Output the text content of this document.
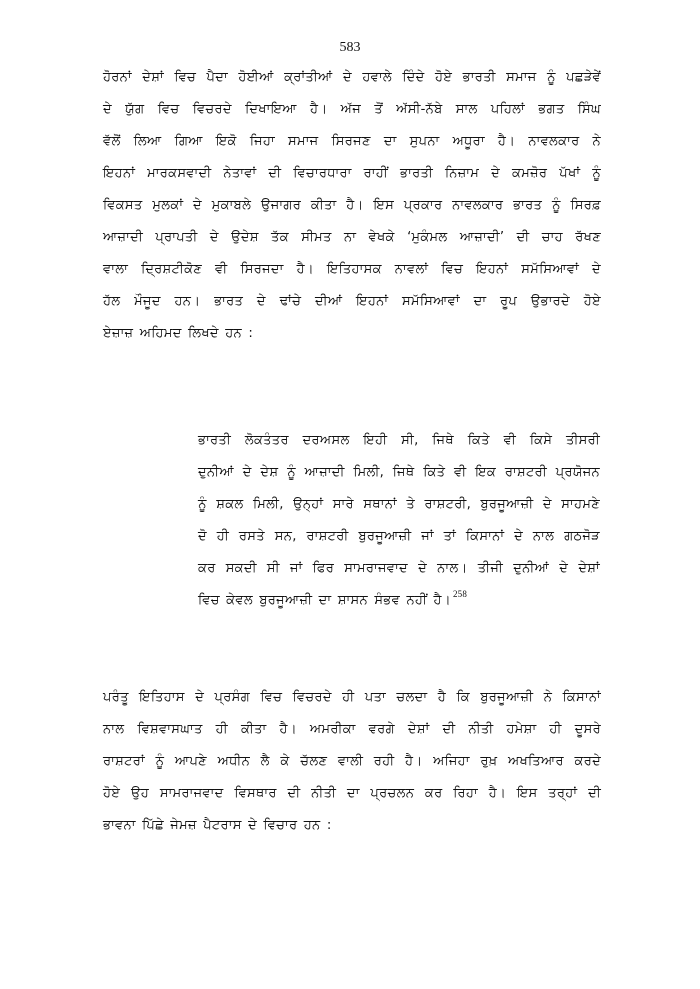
583
ਹੋਰਨਾਂ ਦੇਸ਼ਾਂ ਵਿਚ ਪੈਦਾ ਹੋਈਆਂ ਕ੍ਰਾਂਤੀਆਂ ਦੇ ਹਵਾਲੇ ਦਿੰਦੇ ਹੋਏ ਭਾਰਤੀ ਸਮਾਜ ਨੂੰ ਪਛੜੇਵੇਂ
ਦੇ ਯੁੱਗ ਵਿਚ ਵਿਚਰਦੇ ਦਿਖਾਇਆ ਹੈ। ਅੱਜ ਤੋਂ ਅੱਸੀ-ਨੱਬੇ ਸਾਲ ਪਹਿਲਾਂ ਭਗਤ ਸਿੰਘ
ਵੱਲੋਂ ਲਿਆ ਗਿਆ ਇਕੋ ਜਿਹਾ ਸਮਾਜ ਸਿਰਜਣ ਦਾ ਸੁਪਨਾ ਅਧੂਰਾ ਹੈ। ਨਾਵਲਕਾਰ ਨੇ
ਇਹਨਾਂ ਮਾਰਕਸਵਾਦੀ ਨੇਤਾਵਾਂ ਦੀ ਵਿਚਾਰਧਾਰਾ ਰਾਹੀਂ ਭਾਰਤੀ ਨਿਜ਼ਾਮ ਦੇ ਕਮਜ਼ੋਰ ਪੱਖਾਂ ਨੂੰ
ਵਿਕਸਤ ਮੁਲਕਾਂ ਦੇ ਮੁਕਾਬਲੇ ਉਜਾਗਰ ਕੀਤਾ ਹੈ। ਇਸ ਪ੍ਰਕਾਰ ਨਾਵਲਕਾਰ ਭਾਰਤ ਨੂੰ ਸਿਰਫ਼
ਆਜ਼ਾਦੀ ਪ੍ਰਾਪਤੀ ਦੇ ਉਦੇਸ਼ ਤੱਕ ਸੀਮਤ ਨਾ ਵੇਖਕੇ ‘ਮੁਕੰਮਲ ਆਜ਼ਾਦੀ’ ਦੀ ਚਾਹ ਰੱਖਣ
ਵਾਲਾ ਦ੍ਰਿਸ਼ਟੀਕੋਣ ਵੀ ਸਿਰਜਦਾ ਹੈ। ਇਤਿਹਾਸਕ ਨਾਵਲਾਂ ਵਿਚ ਇਹਨਾਂ ਸਮੱਸਿਆਵਾਂ ਦੇ
ਹੱਲ ਮੌਜੂਦ ਹਨ। ਭਾਰਤ ਦੇ ਢਾਂਚੇ ਦੀਆਂ ਇਹਨਾਂ ਸਮੱਸਿਆਵਾਂ ਦਾ ਰੂਪ ਉਭਾਰਦੇ ਹੋਏ
ਏਜ਼ਾਜ਼ ਅਹਿਮਦ ਲਿਖਦੇ ਹਨ :
ਭਾਰਤੀ ਲੋਕਤੰਤਰ ਦਰਅਸਲ ਇਹੀ ਸੀ, ਜਿਥੇ ਕਿਤੇ ਵੀ ਕਿਸੇ ਤੀਸਰੀ
ਦੁਨੀਆਂ ਦੇ ਦੇਸ਼ ਨੂੰ ਆਜ਼ਾਦੀ ਮਿਲੀ, ਜਿਥੇ ਕਿਤੇ ਵੀ ਇਕ ਰਾਸ਼ਟਰੀ ਪ੍ਰਯੋਜਨ
ਨੂੰ ਸ਼ਕਲ ਮਿਲੀ, ਉਨ੍ਹਾਂ ਸਾਰੇ ਸਥਾਨਾਂ ਤੇ ਰਾਸ਼ਟਰੀ, ਬੁਰਜੂਆਜ਼ੀ ਦੇ ਸਾਹਮਣੇ
ਦੋ ਹੀ ਰਸਤੇ ਸਨ, ਰਾਸ਼ਟਰੀ ਬੁਰਜੂਆਜ਼ੀ ਜਾਂ ਤਾਂ ਕਿਸਾਨਾਂ ਦੇ ਨਾਲ ਗਠਜੋੜ
ਕਰ ਸਕਦੀ ਸੀ ਜਾਂ ਫਿਰ ਸਾਮਰਾਜਵਾਦ ਦੇ ਨਾਲ। ਤੀਜੀ ਦੁਨੀਆਂ ਦੇ ਦੇਸ਼ਾਂ
ਵਿਚ ਕੇਵਲ ਬੁਰਜੂਆਜ਼ੀ ਦਾ ਸ਼ਾਸਨ ਸੰਭਵ ਨਹੀਂ ਹੈ। $^{258}$
ਪਰੰਤੂ ਇਤਿਹਾਸ ਦੇ ਪ੍ਰਸੰਗ ਵਿਚ ਵਿਚਰਦੇ ਹੀ ਪਤਾ ਚਲਦਾ ਹੈ ਕਿ ਬੁਰਜੂਆਜ਼ੀ ਨੇ ਕਿਸਾਨਾਂ
ਨਾਲ ਵਿਸ਼ਵਾਸਘਾਤ ਹੀ ਕੀਤਾ ਹੈ। ਅਮਰੀਕਾ ਵਰਗੇ ਦੇਸ਼ਾਂ ਦੀ ਨੀਤੀ ਹਮੇਸ਼ਾ ਹੀ ਦੂਸਰੇ
ਰਾਸ਼ਟਰਾਂ ਨੂੰ ਆਪਣੇ ਅਧੀਨ ਲੈ ਕੇ ਚੱਲਣ ਵਾਲੀ ਰਹੀ ਹੈ। ਅਜਿਹਾ ਰੁਖ਼ ਅਖਤਿਆਰ ਕਰਦੇ
ਹੋਏ ਉਹ ਸਾਮਰਾਜਵਾਦ ਵਿਸਥਾਰ ਦੀ ਨੀਤੀ ਦਾ ਪ੍ਰਚਲਨ ਕਰ ਰਿਹਾ ਹੈ। ਇਸ ਤਰ੍ਹਾਂ ਦੀ
ਭਾਵਨਾ ਪਿੱਛੇ ਜੇਮਜ਼ ਪੈਟਰਾਸ ਦੇ ਵਿਚਾਰ ਹਨ :
